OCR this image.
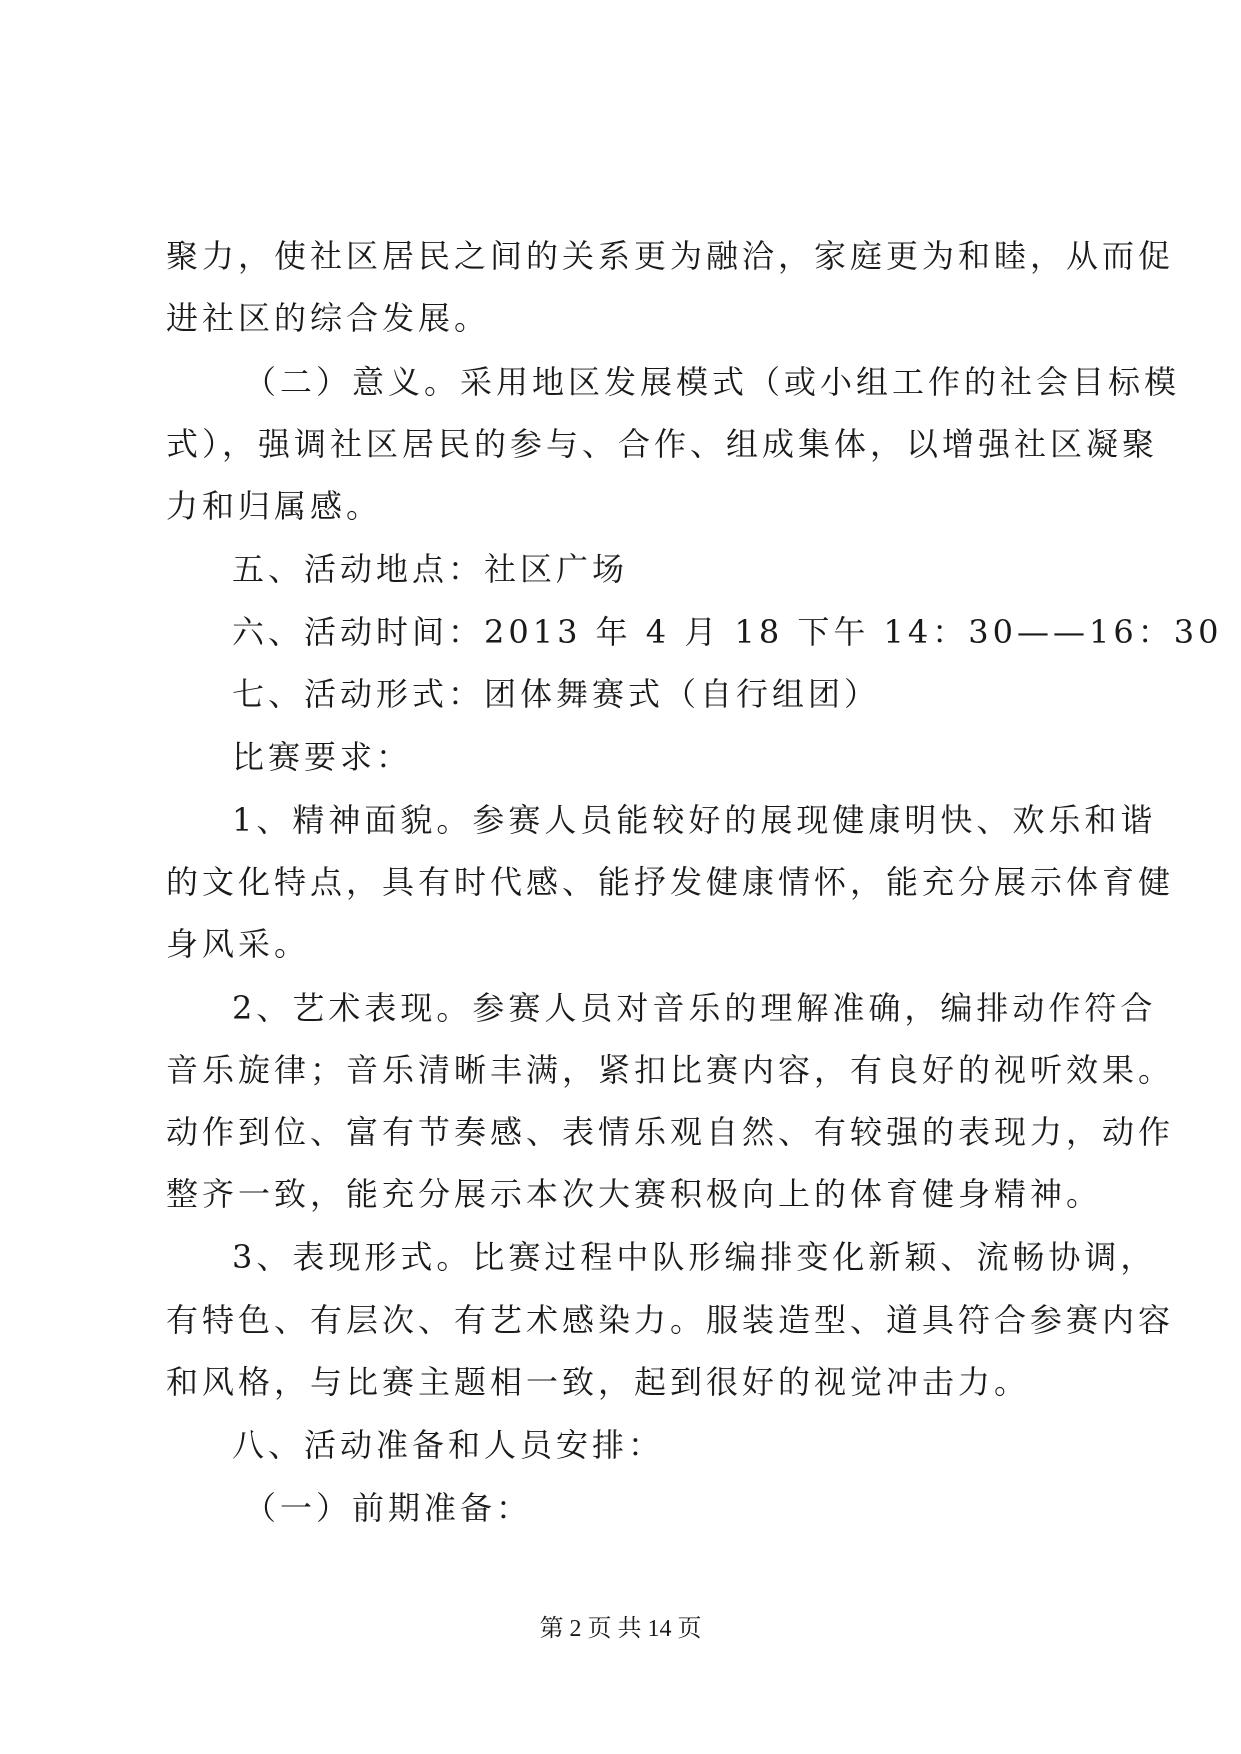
聚力，使社区居民之间的关系更为融洽，家庭更为和睦，从而促
进社区的综合发展。
（二）意义。采用地区发展模式（或小组工作的社会目标模
式），强调社区居民的参与、合作、组成集体，以增强社区凝聚
力和归属感。
五、活动地点：社区广场
六、活动时间：2013 年 4 月 18 下午 14：30——16：30
七、活动形式：团体舞赛式（自行组团）
比赛要求：
1、精神面貌。参赛人员能较好的展现健康明快、欢乐和谐
的文化特点，具有时代感、能抒发健康情怀，能充分展示体育健
身风采。
2、艺术表现。参赛人员对音乐的理解准确，编排动作符合
音乐旋律；音乐清晰丰满，紧扣比赛内容，有良好的视听效果。
动作到位、富有节奏感、表情乐观自然、有较强的表现力，动作
整齐一致，能充分展示本次大赛积极向上的体育健身精神。
3、表现形式。比赛过程中队形编排变化新颖、流畅协调，
有特色、有层次、有艺术感染力。服装造型、道具符合参赛内容
和风格，与比赛主题相一致，起到很好的视觉冲击力。
八、活动准备和人员安排：
（一）前期准备：
第 2 页 共 14 页
